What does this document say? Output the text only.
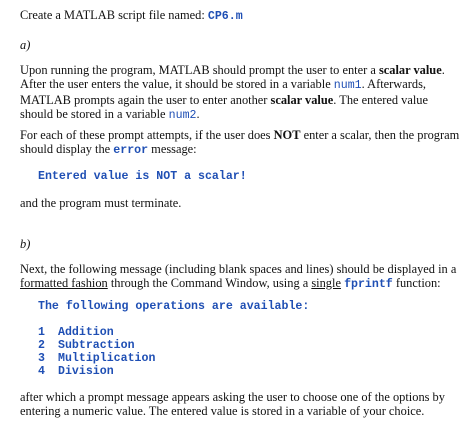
Create a MATLAB script file named: CP6.m
a)
Upon running the program, MATLAB should prompt the user to enter a scalar value. After the user enters the value, it should be stored in a variable num1. Afterwards, MATLAB prompts again the user to enter another scalar value. The entered value should be stored in a variable num2.
For each of these prompt attempts, if the user does NOT enter a scalar, then the program should display the error message:
Entered value is NOT a scalar!
and the program must terminate.
b)
Next, the following message (including blank spaces and lines) should be displayed in a formatted fashion through the Command Window, using a single fprintf function:
The following operations are available:
1 Addition
2 Subtraction
3 Multiplication
4 Division
after which a prompt message appears asking the user to choose one of the options by entering a numeric value. The entered value is stored in a variable of your choice.
